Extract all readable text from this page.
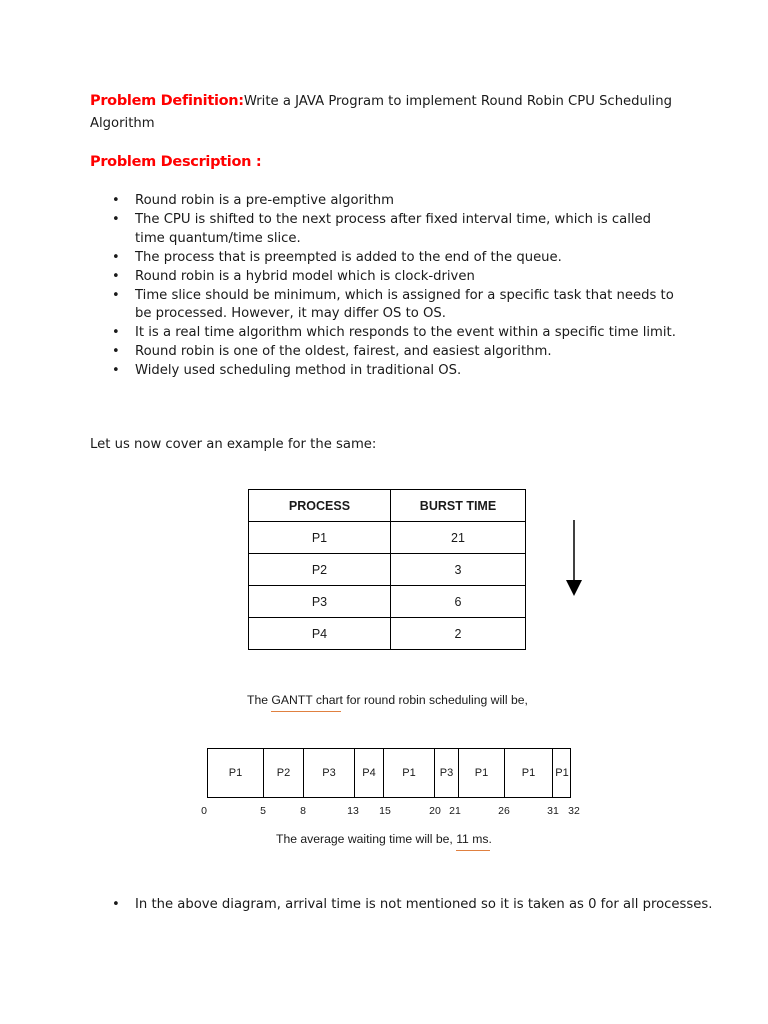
Problem Definition:Write a JAVA Program to implement Round Robin CPU Scheduling
Algorithm
Problem Description :
• Round robin is a pre-emptive algorithm
• The CPU is shifted to the next process after fixed interval time, which is called time quantum/time slice.
• The process that is preempted is added to the end of the queue.
• Round robin is a hybrid model which is clock-driven
• Time slice should be minimum, which is assigned for a specific task that needs to be processed. However, it may differ OS to OS.
• It is a real time algorithm which responds to the event within a specific time limit.
• Round robin is one of the oldest, fairest, and easiest algorithm.
• Widely used scheduling method in traditional OS.
Let us now cover an example for the same:
PROCESS	BURST TIME
P1	21
P2	3
P3	6
P4	2
The GANTT chart for round robin scheduling will be,
P1	P2	P3	P4	P1	P3	P1	P1	P1
0	5	8	13 15	20 21	26	31 32
The average waiting time will be, 11 ms.
• In the above diagram, arrival time is not mentioned so it is taken as 0 for all processes.
